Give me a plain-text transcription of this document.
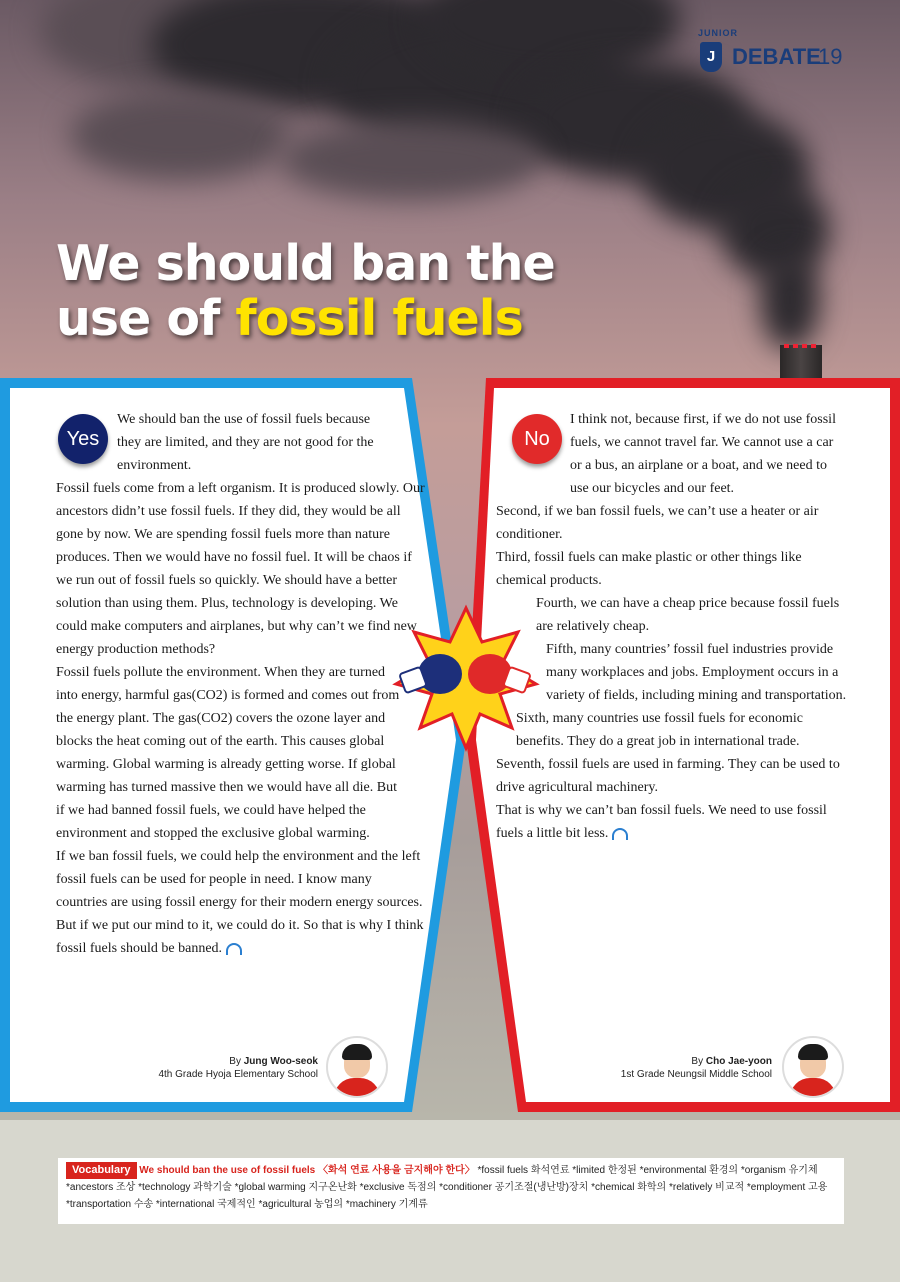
JUNIOR
J DEBATE
19
We should ban the
use of fossil fuels
Yes

We should ban the use of fossil fuels because they are limited, and they are not good for the environment.

Fossil fuels come from a left organism. It is produced slowly. Our ancestors didn’t use fossil fuels. If they did, they would be all gone by now. We are spending fossil fuels more than nature produces. Then we would have no fossil fuel. It will be chaos if we run out of fossil fuels so quickly. We should have a better solution than using them. Plus, technology is developing. We could make computers and airplanes, but why can’t we find new energy production methods?

Fossil fuels pollute the environment. When they are turned into energy, harmful gas(CO2) is formed and comes out from the energy plant. The gas(CO2) covers the ozone layer and blocks the heat coming out of the earth. This causes global warming. Global warming is already getting worse. If global warming has turned massive then we would have all die. But if we had banned fossil fuels, we could have helped the environment and stopped the exclusive global warming.

If we ban fossil fuels, we could help the environment and the left fossil fuels can be used for people in need. I know many countries are using fossil energy for their modern energy sources. But if we put our mind to it, we could do it. So that is why I think fossil fuels should be banned.

By Jung Woo-seok
4th Grade Hyoja Elementary School
No

I think not, because first, if we do not use fossil fuels, we cannot travel far. We cannot use a car or a bus, an airplane or a boat, and we need to use our bicycles and our feet.

Second, if we ban fossil fuels, we can’t use a heater or air conditioner.

Third, fossil fuels can make plastic or other things like chemical products.

Fourth, we can have a cheap price because fossil fuels are relatively cheap.

Fifth, many countries’ fossil fuel industries provide many workplaces and jobs. Employment occurs in a variety of fields, including mining and transportation.

Sixth, many countries use fossil fuels for economic benefits. They do a great job in international trade.

Seventh, fossil fuels are used in farming. They can be used to drive agricultural machinery.

That is why we can’t ban fossil fuels. We need to use fossil fuels a little bit less.

By Cho Jae-yoon
1st Grade Neungsil Middle School
Vocabulary We should ban the use of fossil fuels 〈화석 연료 사용을 금지해야 한다〉 *fossil fuels 화석연료 *limited 한정된 *environmental 환경의 *organism 유기체 *ancestors 조상 *technology 과학기술 *global warming 지구온난화 *exclusive 독점의 *conditioner 공기조절(냉난방)장치 *chemical 화학의 *relatively 비교적 *employment 고용 *transportation 수송 *international 국제적인 *agricultural 농업의 *machinery 기계류
